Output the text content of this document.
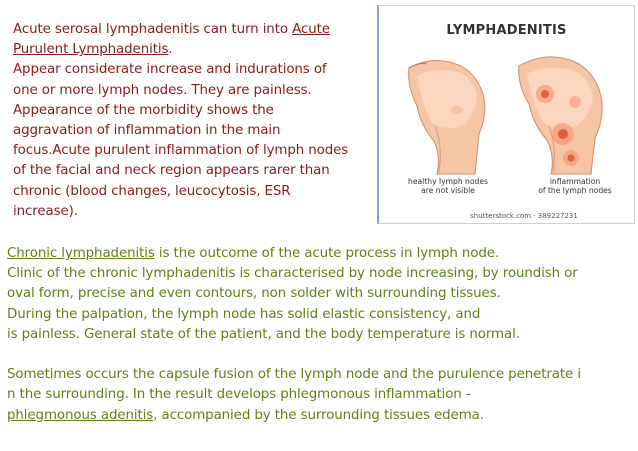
Acute serosal lymphadenitis can turn into Acute
Purulent Lymphadenitis.
Appear considerate increase and indurations of
one or more lymph nodes. They are painless.
Appearance of the morbidity shows the
aggravation of inflammation in the main
focus.Acute purulent inflammation of lymph nodes
of the facial and neck region appears rarer than
chronic (blood changes, leucocytosis, ESR
increase).
LYMPHADENITIS
healthy lymph nodes
are not visible
inflammation
of the lymph nodes
shutterstock.com · 389227231
Chronic lymphadenitis is the outcome of the acute process in lymph node.
Clinic of the chronic lymphadenitis is characterised by node increasing, by roundish or
oval form, precise and even contours, non solder with surrounding tissues.
During the palpation, the lymph node has solid elastic consistency, and
is painless. General state of the patient, and the body temperature is normal.
Sometimes occurs the capsule fusion of the lymph node and the purulence penetrate i
n the surrounding. In the result develops phlegmonous inflammation -
phlegmonous adenitis, accompanied by the surrounding tissues edema.
